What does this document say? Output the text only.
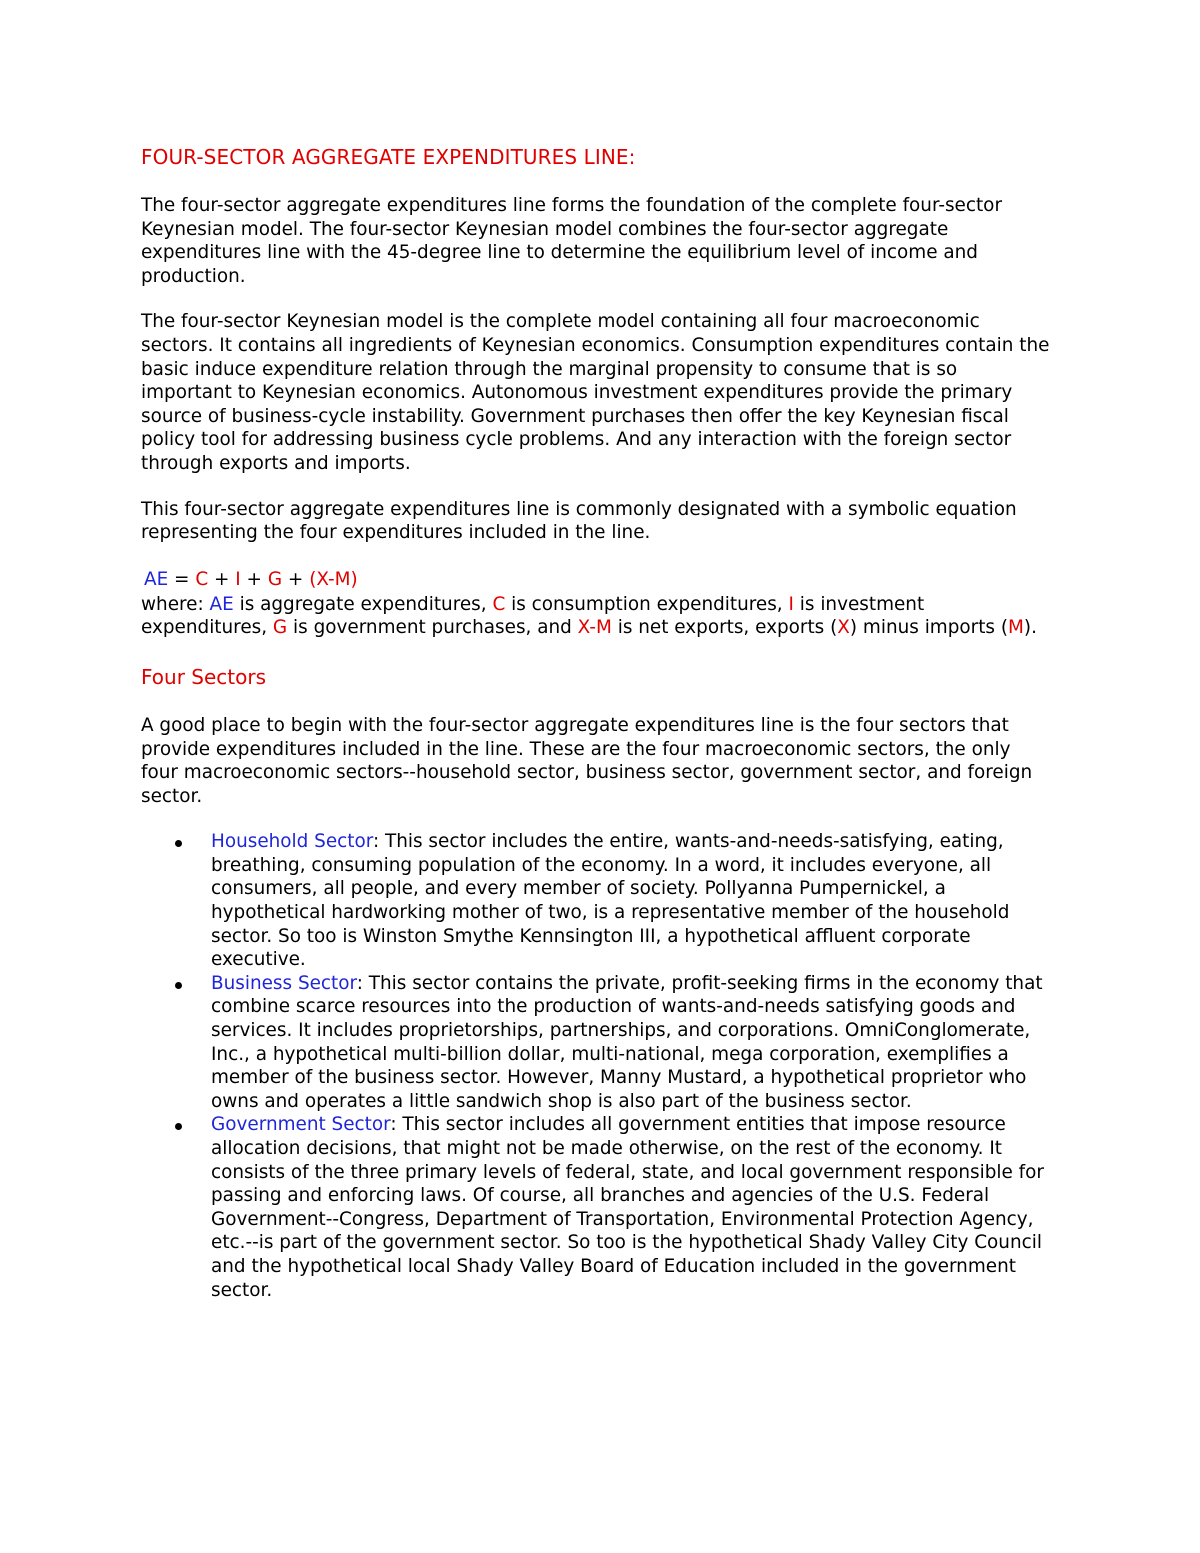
FOUR-SECTOR AGGREGATE EXPENDITURES LINE:

The four-sector aggregate expenditures line forms the foundation of the complete four-sector Keynesian model. The four-sector Keynesian model combines the four-sector aggregate expenditures line with the 45-degree line to determine the equilibrium level of income and production.

The four-sector Keynesian model is the complete model containing all four macroeconomic sectors. It contains all ingredients of Keynesian economics. Consumption expenditures contain the basic induce expenditure relation through the marginal propensity to consume that is so important to Keynesian economics. Autonomous investment expenditures provide the primary source of business-cycle instability. Government purchases then offer the key Keynesian fiscal policy tool for addressing business cycle problems. And any interaction with the foreign sector through exports and imports.

This four-sector aggregate expenditures line is commonly designated with a symbolic equation representing the four expenditures included in the line.

AE = C + I + G + (X-M)

where: AE is aggregate expenditures, C is consumption expenditures, I is investment expenditures, G is government purchases, and X-M is net exports, exports (X) minus imports (M).

Four Sectors

A good place to begin with the four-sector aggregate expenditures line is the four sectors that provide expenditures included in the line. These are the four macroeconomic sectors, the only four macroeconomic sectors--household sector, business sector, government sector, and foreign sector.

Household Sector: This sector includes the entire, wants-and-needs-satisfying, eating, breathing, consuming population of the economy. In a word, it includes everyone, all consumers, all people, and every member of society. Pollyanna Pumpernickel, a hypothetical hardworking mother of two, is a representative member of the household sector. So too is Winston Smythe Kennsington III, a hypothetical affluent corporate executive.
Business Sector: This sector contains the private, profit-seeking firms in the economy that combine scarce resources into the production of wants-and-needs satisfying goods and services. It includes proprietorships, partnerships, and corporations. OmniConglomerate, Inc., a hypothetical multi-billion dollar, multi-national, mega corporation, exemplifies a member of the business sector. However, Manny Mustard, a hypothetical proprietor who owns and operates a little sandwich shop is also part of the business sector.
Government Sector: This sector includes all government entities that impose resource allocation decisions, that might not be made otherwise, on the rest of the economy. It consists of the three primary levels of federal, state, and local government responsible for passing and enforcing laws. Of course, all branches and agencies of the U.S. Federal Government--Congress, Department of Transportation, Environmental Protection Agency, etc.--is part of the government sector. So too is the hypothetical Shady Valley City Council and the hypothetical local Shady Valley Board of Education included in the government sector.
